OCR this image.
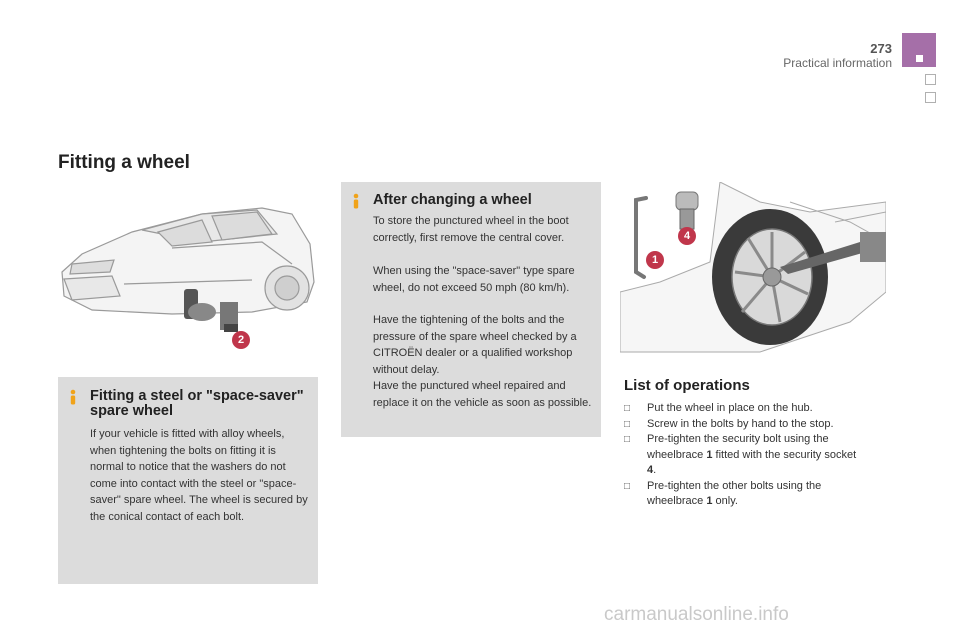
273
Practical information
Fitting a wheel
2
Fitting a steel or "space-saver" spare wheel

If your vehicle is fitted with alloy wheels, when tightening the bolts on fitting it is normal to notice that the washers do not come into contact with the steel or "space-saver" spare wheel. The wheel is secured by the conical contact of each bolt.

After changing a wheel

To store the punctured wheel in the boot correctly, first remove the central cover.

When using the "space-saver" type spare wheel, do not exceed 50 mph (80 km/h).

Have the tightening of the bolts and the pressure of the spare wheel checked by a CITROËN dealer or a qualified workshop without delay.

Have the punctured wheel repaired and replace it on the vehicle as soon as possible.

1
4
List of operations
□ Put the wheel in place on the hub.
□ Screw in the bolts by hand to the stop.
□ Pre-tighten the security bolt using the wheelbrace 1 fitted with the security socket 4.
□ Pre-tighten the other bolts using the wheelbrace 1 only.
carmanualsonline.info
